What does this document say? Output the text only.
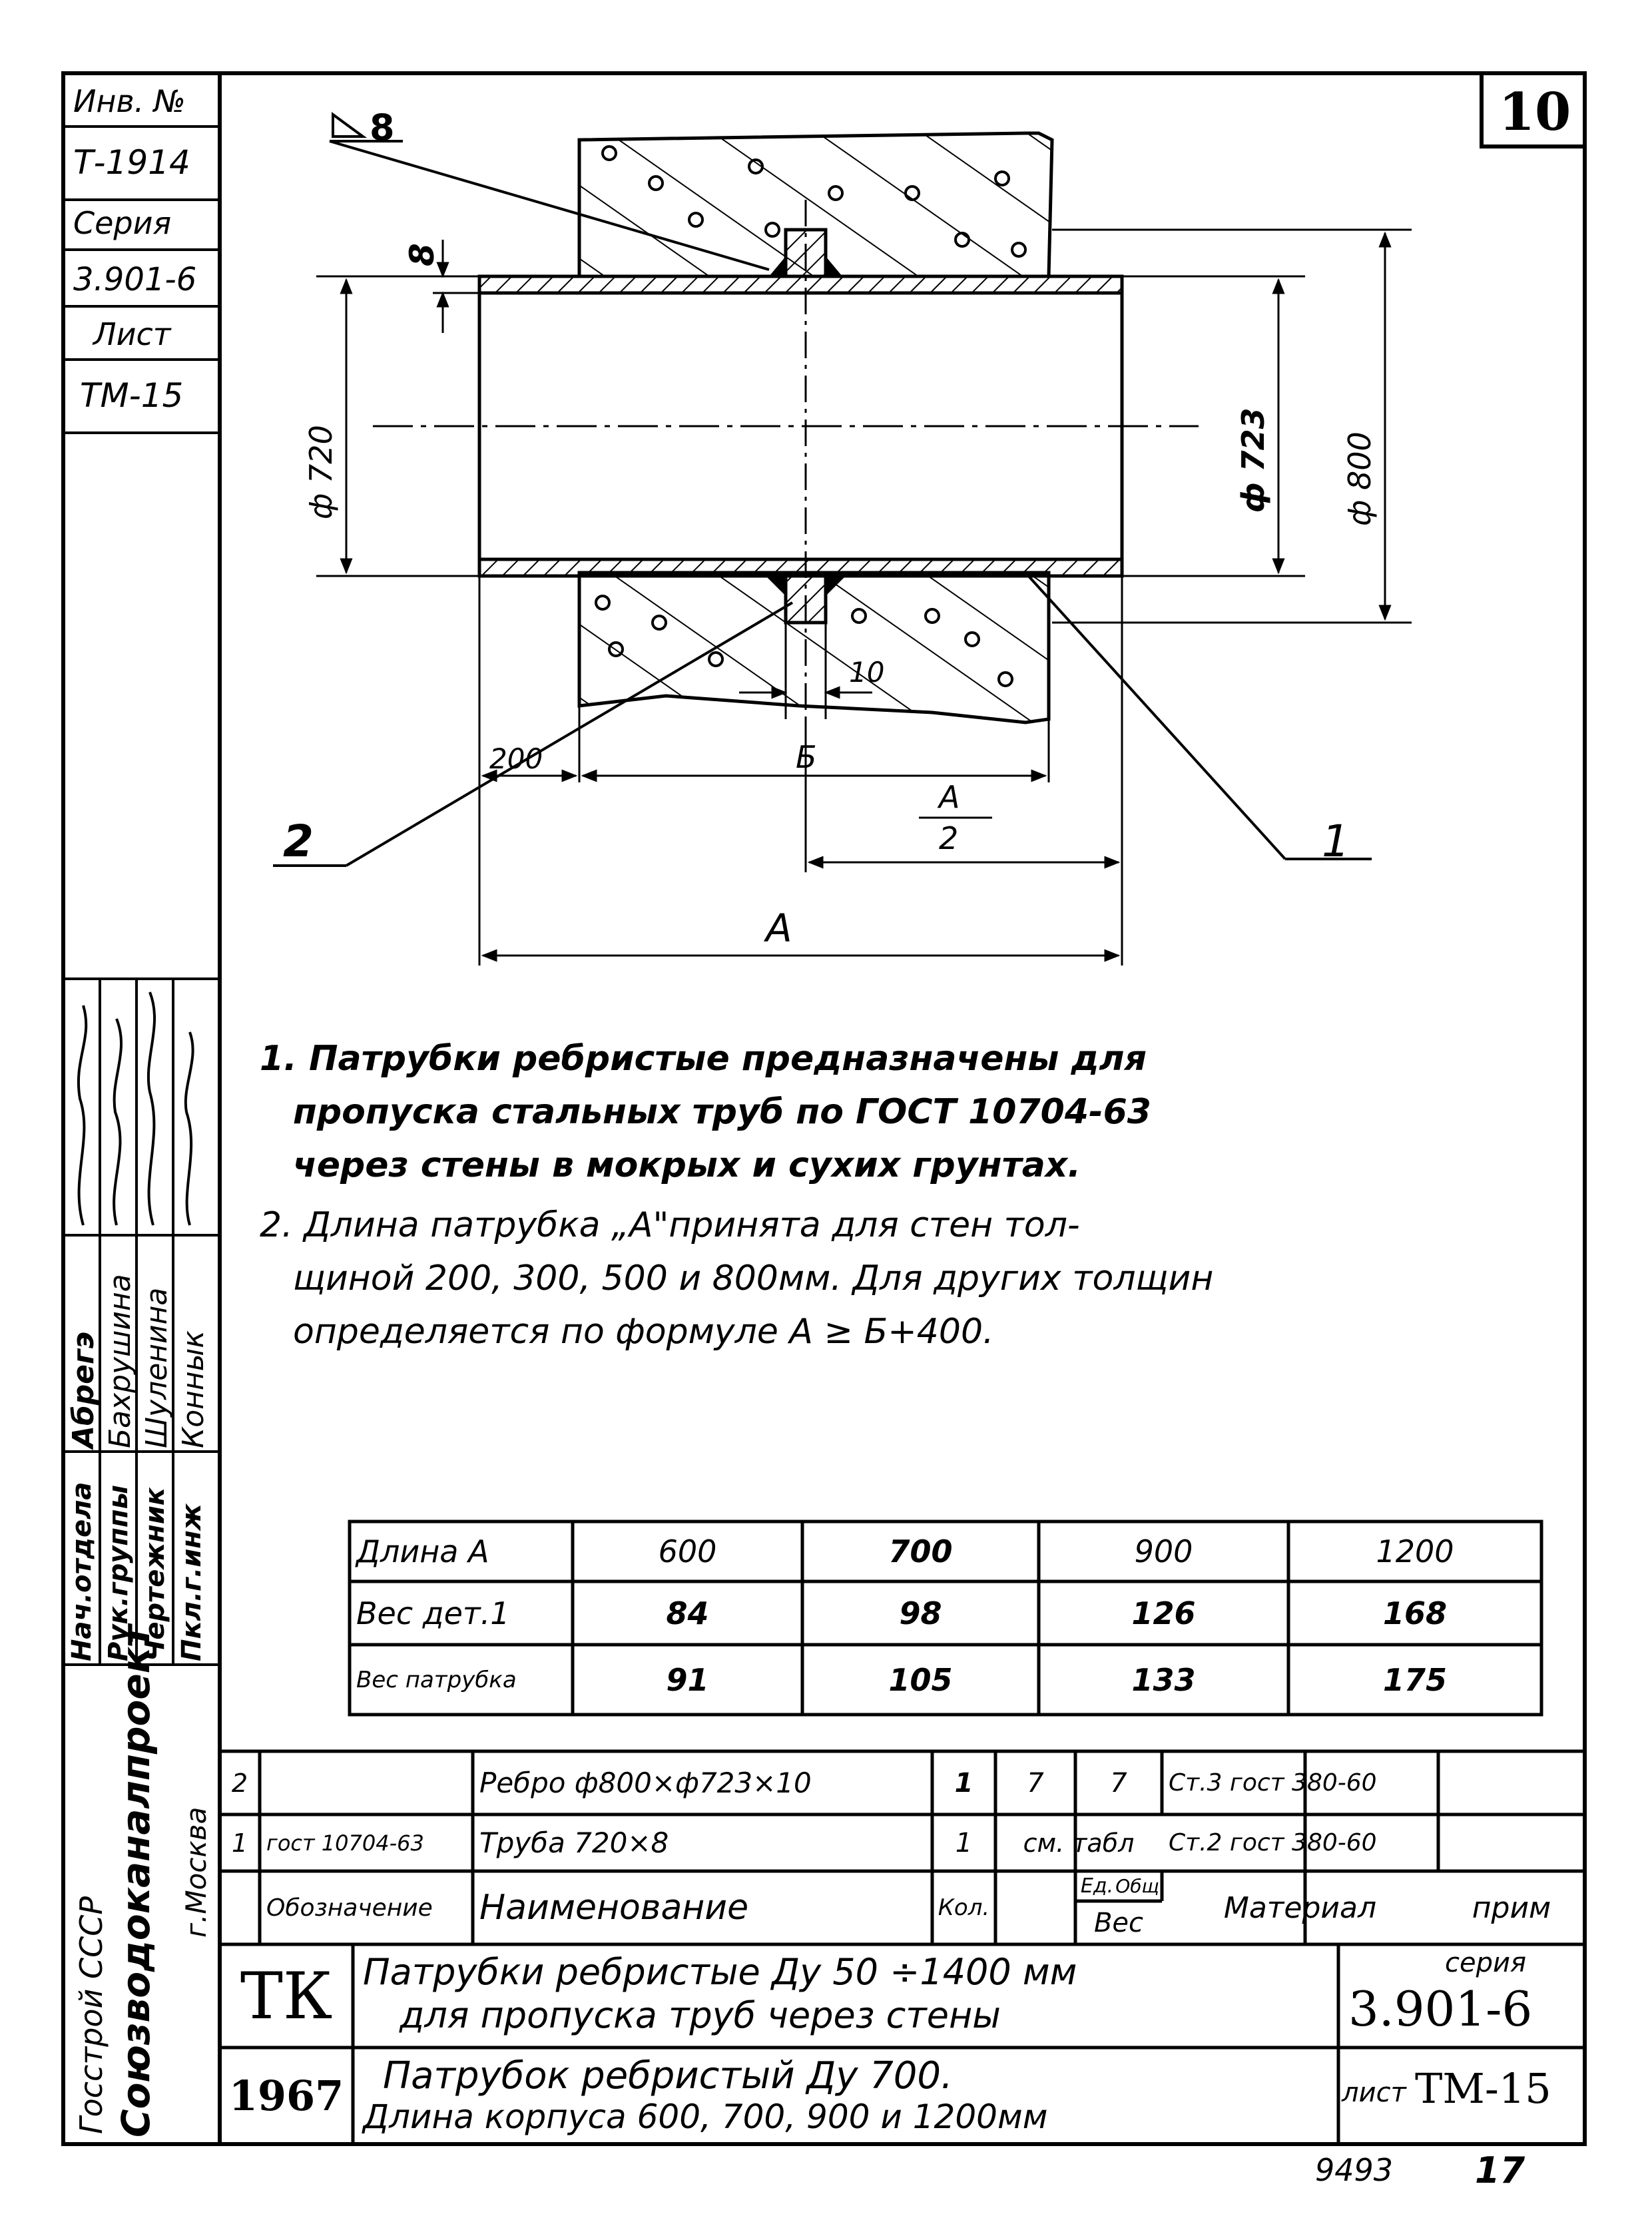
10
Инв. №
Т-1914
Серия
3.901-6
Лист
ТМ-15
Нач.отдела Рук.группы Чертежник Пкл.г.инж
Абрегэ Бахрушина Шуленина Коннык
Госстрой СССР Союзводоканалпроект г.Москва
8
8
ф 720	ф 723 ф 800
10
200	Б
А
2
А
1
2
1. Патрубки ребристые предназначены для
пропуска стальных труб по ГОСТ 10704-63
через стены в мокрых и сухих грунтах.
2. Длина патрубка „А"принята для стен тол-
щиной 200, 300, 500 и 800мм. Для других толщин
определяется по формуле А ≥ Б+400.
Длина А	600	700	900	1200
Вес дет.1	84	98	126	168
Вес патрубка	91	105	133	175
2	Ребро ф800×ф723×10	1	7	7	Ст.3 гост 380-60
1 гост 10704-63	Труба 720×8	1	см. табл	Ст.2 гост 380-60
Обозначение	Наименование	Кол.
Ед. Общ.
Вес	Материал	прим
ТК
1967
Патрубки ребристые Ду 50 ÷1400 мм
для пропуска труб через стены
Патрубок ребристый Ду 700.
Длина корпуса 600, 700, 900 и 1200мм
серия
3.901-6
лист ТМ-15
9493 17
